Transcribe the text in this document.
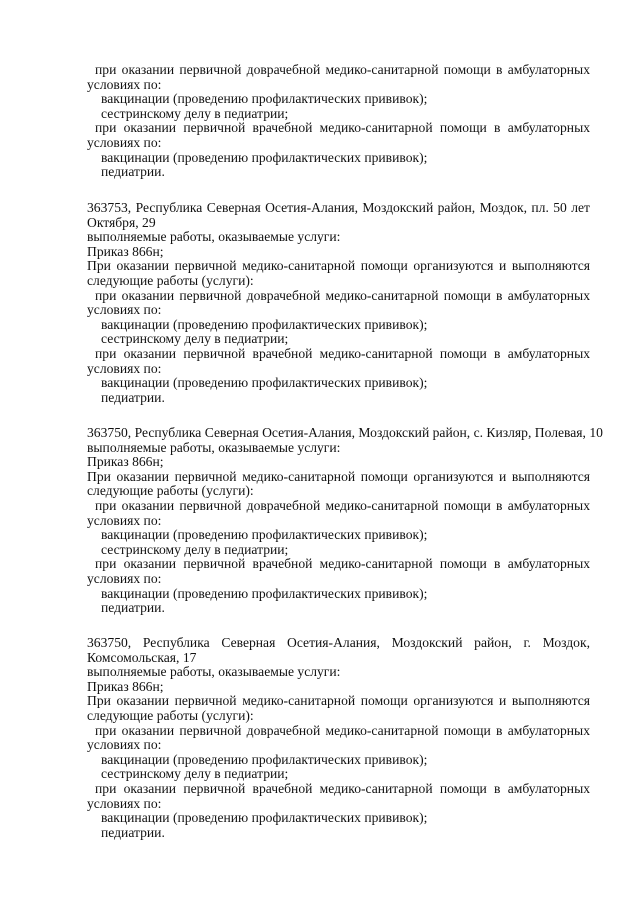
при оказании первичной доврачебной медико-санитарной помощи в амбулаторных
условиях по:
вакцинации (проведению профилактических прививок);
сестринскому делу в педиатрии;
при оказании первичной врачебной медико-санитарной помощи в амбулаторных
условиях по:
вакцинации (проведению профилактических прививок);
педиатрии.
363753, Республика Северная Осетия-Алания, Моздокский район, Моздок, пл. 50 лет
Октября, 29
выполняемые работы, оказываемые услуги:
Приказ 866н;
При оказании первичной медико-санитарной помощи организуются и выполняются
следующие работы (услуги):
при оказании первичной доврачебной медико-санитарной помощи в амбулаторных
условиях по:
вакцинации (проведению профилактических прививок);
сестринскому делу в педиатрии;
при оказании первичной врачебной медико-санитарной помощи в амбулаторных
условиях по:
вакцинации (проведению профилактических прививок);
педиатрии.
363750, Республика Северная Осетия-Алания, Моздокский район, с. Кизляр, Полевая, 10
выполняемые работы, оказываемые услуги:
Приказ 866н;
При оказании первичной медико-санитарной помощи организуются и выполняются
следующие работы (услуги):
при оказании первичной доврачебной медико-санитарной помощи в амбулаторных
условиях по:
вакцинации (проведению профилактических прививок);
сестринскому делу в педиатрии;
при оказании первичной врачебной медико-санитарной помощи в амбулаторных
условиях по:
вакцинации (проведению профилактических прививок);
педиатрии.
363750, Республика Северная Осетия-Алания, Моздокский район, г. Моздок,
Комсомольская, 17
выполняемые работы, оказываемые услуги:
Приказ 866н;
При оказании первичной медико-санитарной помощи организуются и выполняются
следующие работы (услуги):
при оказании первичной доврачебной медико-санитарной помощи в амбулаторных
условиях по:
вакцинации (проведению профилактических прививок);
сестринскому делу в педиатрии;
при оказании первичной врачебной медико-санитарной помощи в амбулаторных
условиях по:
вакцинации (проведению профилактических прививок);
педиатрии.
